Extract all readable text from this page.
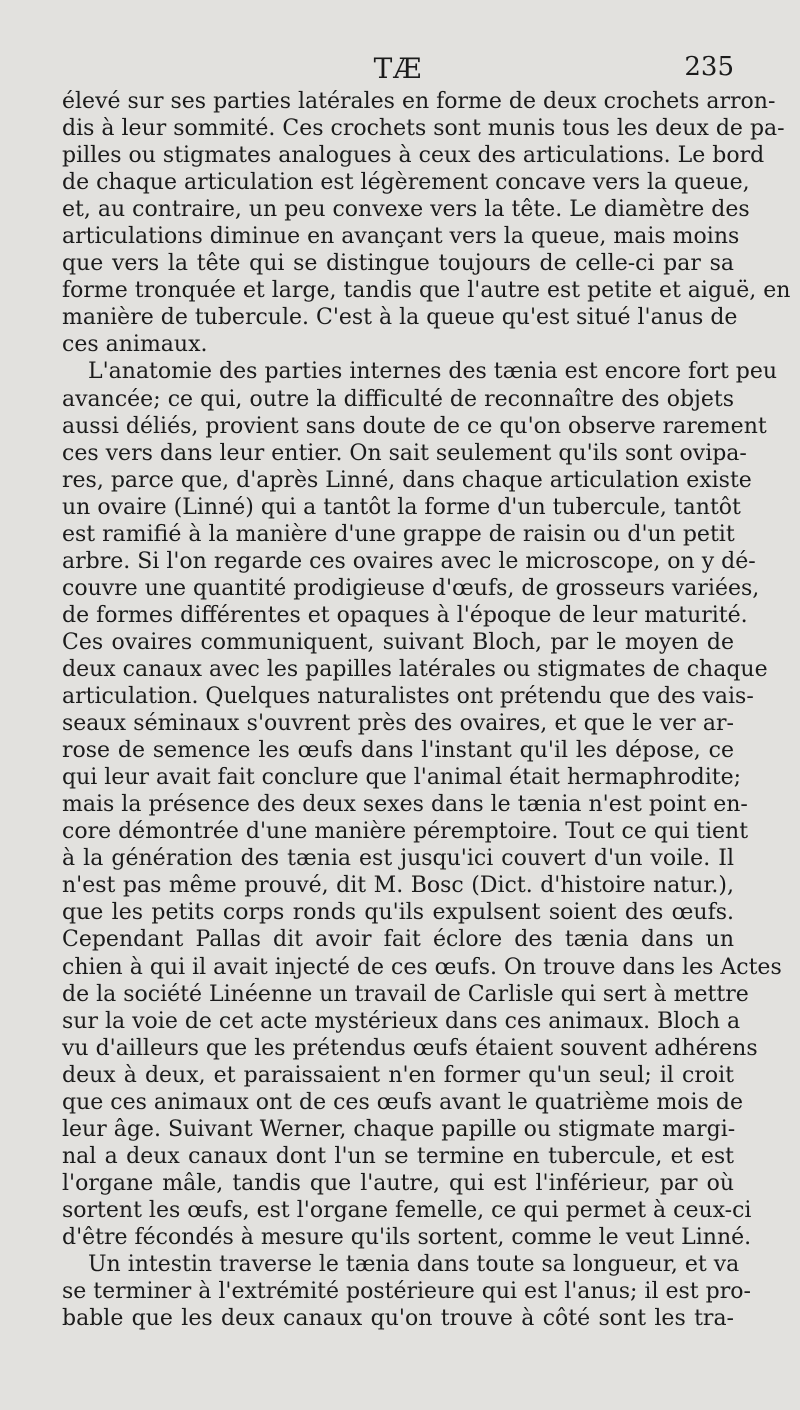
TÆ	235
élevé sur ses parties latérales en forme de deux crochets arron-
dis à leur sommité. Ces crochets sont munis tous les deux de pa-
pilles ou stigmates analogues à ceux des articulations. Le bord
de chaque articulation est légèrement concave vers la queue,
et, au contraire, un peu convexe vers la tête. Le diamètre des
articulations diminue en avançant vers la queue, mais moins
que vers la tête qui se distingue toujours de celle-ci par sa
forme tronquée et large, tandis que l'autre est petite et aiguë, en
manière de tubercule. C'est à la queue qu'est situé l'anus de
ces animaux.
L'anatomie des parties internes des tænia est encore fort peu
avancée; ce qui, outre la difficulté de reconnaître des objets
aussi déliés, provient sans doute de ce qu'on observe rarement
ces vers dans leur entier. On sait seulement qu'ils sont ovipa-
res, parce que, d'après Linné, dans chaque articulation existe
un ovaire (Linné) qui a tantôt la forme d'un tubercule, tantôt
est ramifié à la manière d'une grappe de raisin ou d'un petit
arbre. Si l'on regarde ces ovaires avec le microscope, on y dé-
couvre une quantité prodigieuse d'œufs, de grosseurs variées,
de formes différentes et opaques à l'époque de leur maturité.
Ces ovaires communiquent, suivant Bloch, par le moyen de
deux canaux avec les papilles latérales ou stigmates de chaque
articulation. Quelques naturalistes ont prétendu que des vais-
seaux séminaux s'ouvrent près des ovaires, et que le ver ar-
rose de semence les œufs dans l'instant qu'il les dépose, ce
qui leur avait fait conclure que l'animal était hermaphrodite;
mais la présence des deux sexes dans le tænia n'est point en-
core démontrée d'une manière péremptoire. Tout ce qui tient
à la génération des tænia est jusqu'ici couvert d'un voile. Il
n'est pas même prouvé, dit M. Bosc (Dict. d'histoire natur.),
que les petits corps ronds qu'ils expulsent soient des œufs.
Cependant Pallas dit avoir fait éclore des tænia dans un
chien à qui il avait injecté de ces œufs. On trouve dans les Actes
de la société Linéenne un travail de Carlisle qui sert à mettre
sur la voie de cet acte mystérieux dans ces animaux. Bloch a
vu d'ailleurs que les prétendus œufs étaient souvent adhérens
deux à deux, et paraissaient n'en former qu'un seul; il croit
que ces animaux ont de ces œufs avant le quatrième mois de
leur âge. Suivant Werner, chaque papille ou stigmate margi-
nal a deux canaux dont l'un se termine en tubercule, et est
l'organe mâle, tandis que l'autre, qui est l'inférieur, par où
sortent les œufs, est l'organe femelle, ce qui permet à ceux-ci
d'être fécondés à mesure qu'ils sortent, comme le veut Linné.
Un intestin traverse le tænia dans toute sa longueur, et va
se terminer à l'extrémité postérieure qui est l'anus; il est pro-
bable que les deux canaux qu'on trouve à côté sont les tra-
